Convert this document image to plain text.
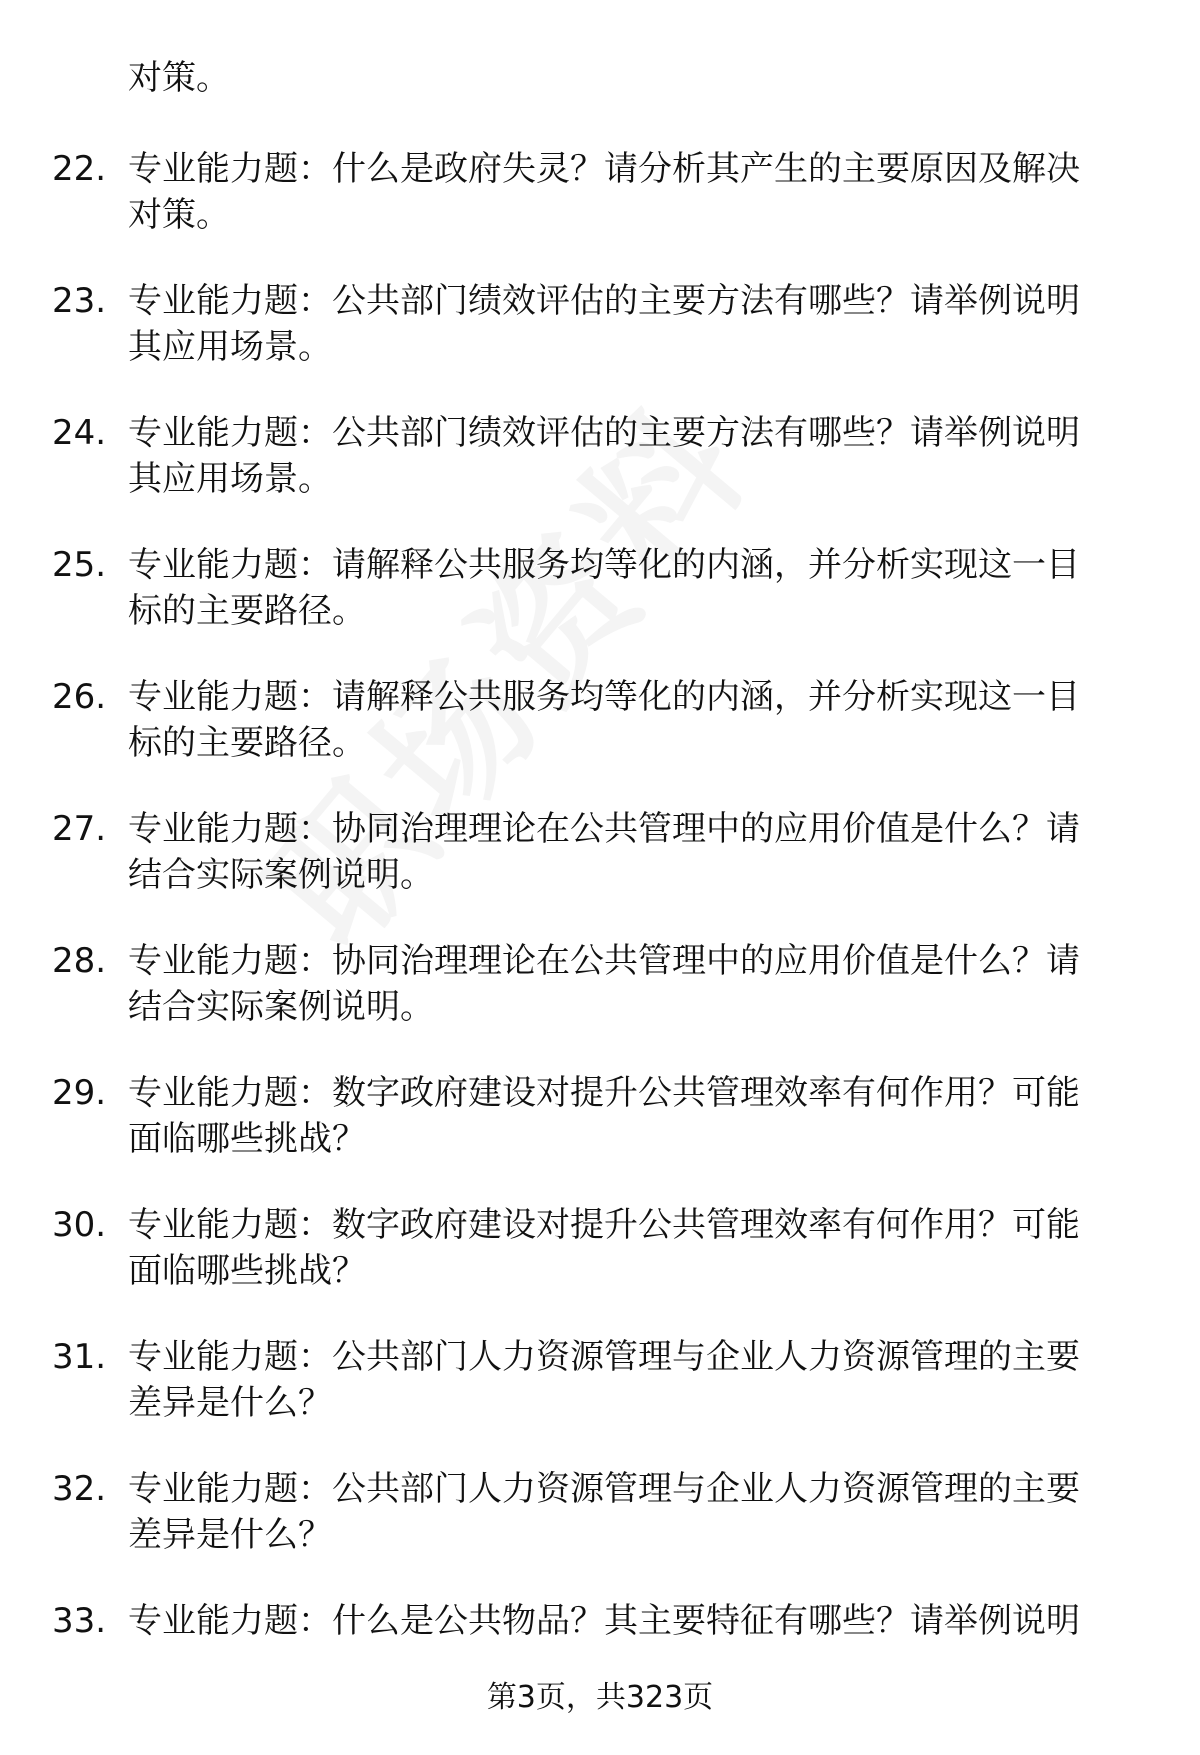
对策。
22. 专业能力题：什么是政府失灵？请分析其产生的主要原因及解决
对策。
23. 专业能力题：公共部门绩效评估的主要方法有哪些？请举例说明
其应用场景。
24. 专业能力题：公共部门绩效评估的主要方法有哪些？请举例说明
其应用场景。
25. 专业能力题：请解释公共服务均等化的内涵，并分析实现这一目
标的主要路径。
26. 专业能力题：请解释公共服务均等化的内涵，并分析实现这一目
标的主要路径。
27. 专业能力题：协同治理理论在公共管理中的应用价值是什么？请
结合实际案例说明。
28. 专业能力题：协同治理理论在公共管理中的应用价值是什么？请
结合实际案例说明。
29. 专业能力题：数字政府建设对提升公共管理效率有何作用？可能
面临哪些挑战？
30. 专业能力题：数字政府建设对提升公共管理效率有何作用？可能
面临哪些挑战？
31. 专业能力题：公共部门人力资源管理与企业人力资源管理的主要
差异是什么？
32. 专业能力题：公共部门人力资源管理与企业人力资源管理的主要
差异是什么？
33. 专业能力题：什么是公共物品？其主要特征有哪些？请举例说明
第3页，共323页
